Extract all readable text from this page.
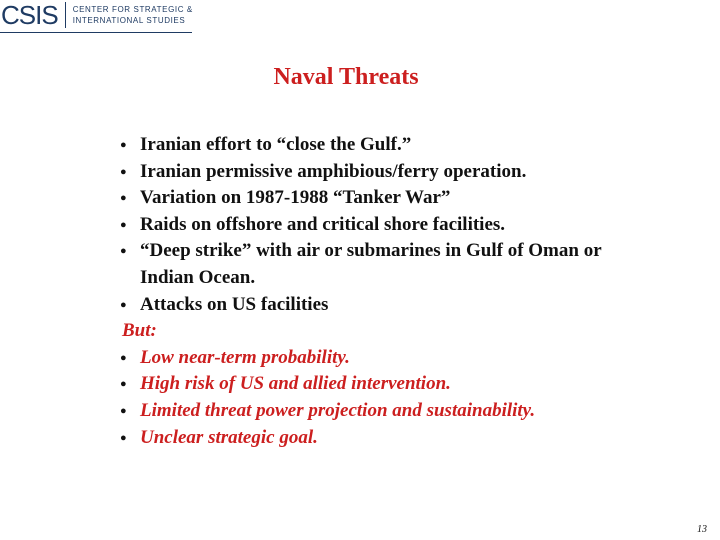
CSIS CENTER FOR STRATEGIC &
INTERNATIONAL STUDIES
Naval Threats
● Iranian effort to “close the Gulf.”
● Iranian permissive amphibious/ferry operation.
● Variation on 1987-1988 “Tanker War”
● Raids on offshore and critical shore facilities.
● “Deep strike” with air or submarines in Gulf of Oman or Indian Ocean.
● Attacks on US facilities
But:
● Low near-term probability.
● High risk of US and allied intervention.
● Limited threat power projection and sustainability.
● Unclear strategic goal.
13
